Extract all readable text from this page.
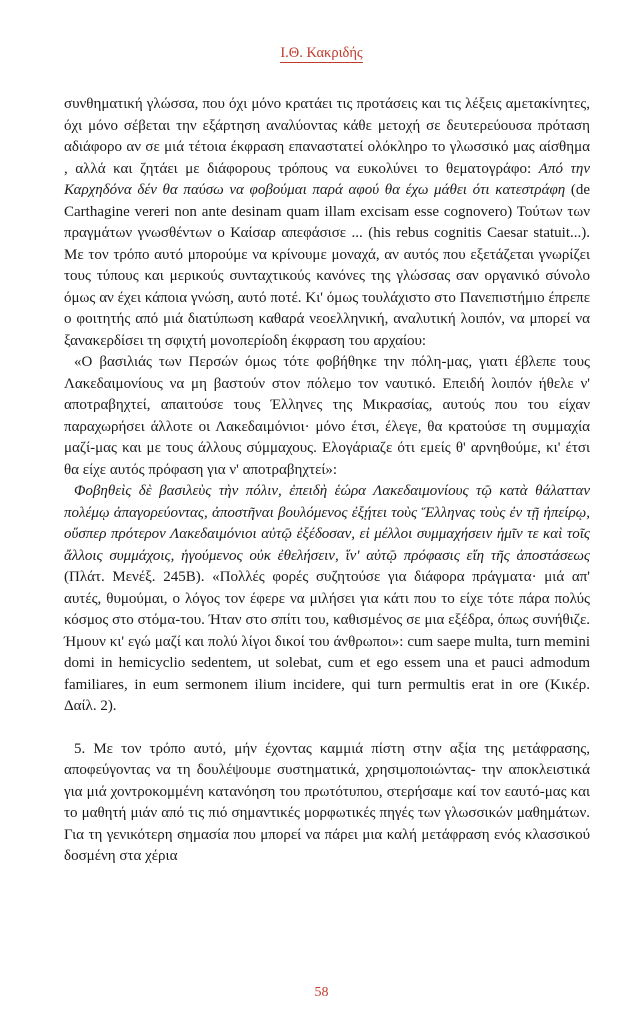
Ι.Θ. Κακριδής

συνθηματική γλώσσα, που όχι μόνο κρατάει τις προτάσεις και τις λέξεις αμετακίνητες, όχι μόνο σέβεται την εξάρτηση αναλύοντας κάθε μετοχή σε δευτερεύουσα πρόταση αδιάφορο αν σε μιά τέτοια έκφραση επαναστατεί ολόκληρο το γλωσσικό μας αίσθημα , αλλά και ζητάει με διάφορους τρόπους να ευκολύνει το θεματογράφο: Από την Καρχηδόνα δέν θα παύσω να φοβούμαι παρά αφού θα έχω μάθει ότι κατεστράφη (de Carthagine vereri non ante desinam quam illam excisam esse cognovero) Τούτων των πραγμάτων γνωσθέντων ο Καίσαρ απεφάσισε ... (his rebus cognitis Caesar statuit...). Με τον τρόπο αυτό μπορούμε να κρίνουμε μοναχά, αν αυτός που εξετάζεται γνωρίζει τους τύπους και μερικούς συνταχτικούς κανόνες της γλώσσας σαν οργανικό σύνολο όμως αν έχει κάποια γνώση, αυτό ποτέ. Κι' όμως τουλάχιστο στο Πανεπιστήμιο έπρεπε ο φοιτητής από μιά διατύπωση καθαρά νεοελληνική, αναλυτική λοιπόν, να μπορεί να ξανακερδίσει τη σφιχτή μονοπερίοδη έκφραση του αρχαίου:

«Ο βασιλιάς των Περσών όμως τότε φοβήθηκε την πόλη-μας, γιατι έβλεπε τους Λακεδαιμονίους να μη βαστούν στον πόλεμο τον ναυτικό. Επειδή λοιπόν ήθελε ν' αποτραβηχτεί, απαιτούσε τους Έλληνες της Μικρασίας, αυτούς που του είχαν παραχωρήσει άλλοτε οι Λακεδαιμόνιοι· μόνο έτσι, έλεγε, θα κρατούσε τη συμμαχία μαζί-μας και με τους άλλους σύμμαχους. Ελογάριαζε ότι εμείς θ' αρνηθούμε, κι' έτσι θα είχε αυτός πρόφαση για ν' αποτραβηχτεί»:

Φοβηθεὶς δὲ βασιλεὺς τὴν πόλιν, ἐπειδὴ ἑώρα Λακεδαιμονίους τῷ κατὰ θάλατταν πολέμῳ ἀπαγορεύοντας, ἀποστῆναι βουλόμενος ἐξῄτει τοὺς Ἕλληνας τοὺς ἐν τῇ ἠπείρῳ, οὕσπερ πρότερον Λακεδαιμόνιοι αὐτῷ ἐξέδοσαν, εἰ μέλλοι συμμαχήσειν ἡμῖν τε καὶ τοῖς ἄλλοις συμμάχοις, ἡγούμενος οὐκ ἐθελήσειν, ἵν' αὐτῷ πρόφασις εἴη τῆς ἀποστάσεως (Πλάτ. Μενέξ. 245Β). «Πολλές φορές συζητούσε για διάφορα πράγματα· μιά απ' αυτές, θυμούμαι, ο λόγος τον έφερε να μιλήσει για κάτι που το είχε τότε πάρα πολύς κόσμος στο στόμα-του. Ήταν στο σπίτι του, καθισμένος σε μια εξέδρα, όπως συνήθιζε. Ήμουν κι' εγώ μαζί και πολύ λίγοι δικοί του άνθρωποι»: cum saepe multa, turn memini domi in hemicyclio sedentem, ut solebat, cum et ego essem una et pauci admodum familiares, in eum sermonem ilium incidere, qui turn permultis erat in ore (Κικέρ. Δαίλ. 2).

5. Με τον τρόπο αυτό, μήν έχοντας καμμιά πίστη στην αξία της μετάφρασης, αποφεύγοντας να τη δουλέψουμε συστηματικά, χρησιμοποιώντας- την αποκλειστικά για μιά χοντροκομμένη κατανόηση του πρωτότυπου, στερήσαμε καί τον εαυτό-μας και το μαθητή μιάν από τις πιό σημαντικές μορφωτικές πηγές των γλωσσικών μαθημάτων. Για τη γενικότερη σημασία που μπορεί να πάρει μια καλή μετάφραση ενός κλασσικού δοσμένη στα χέρια

58
